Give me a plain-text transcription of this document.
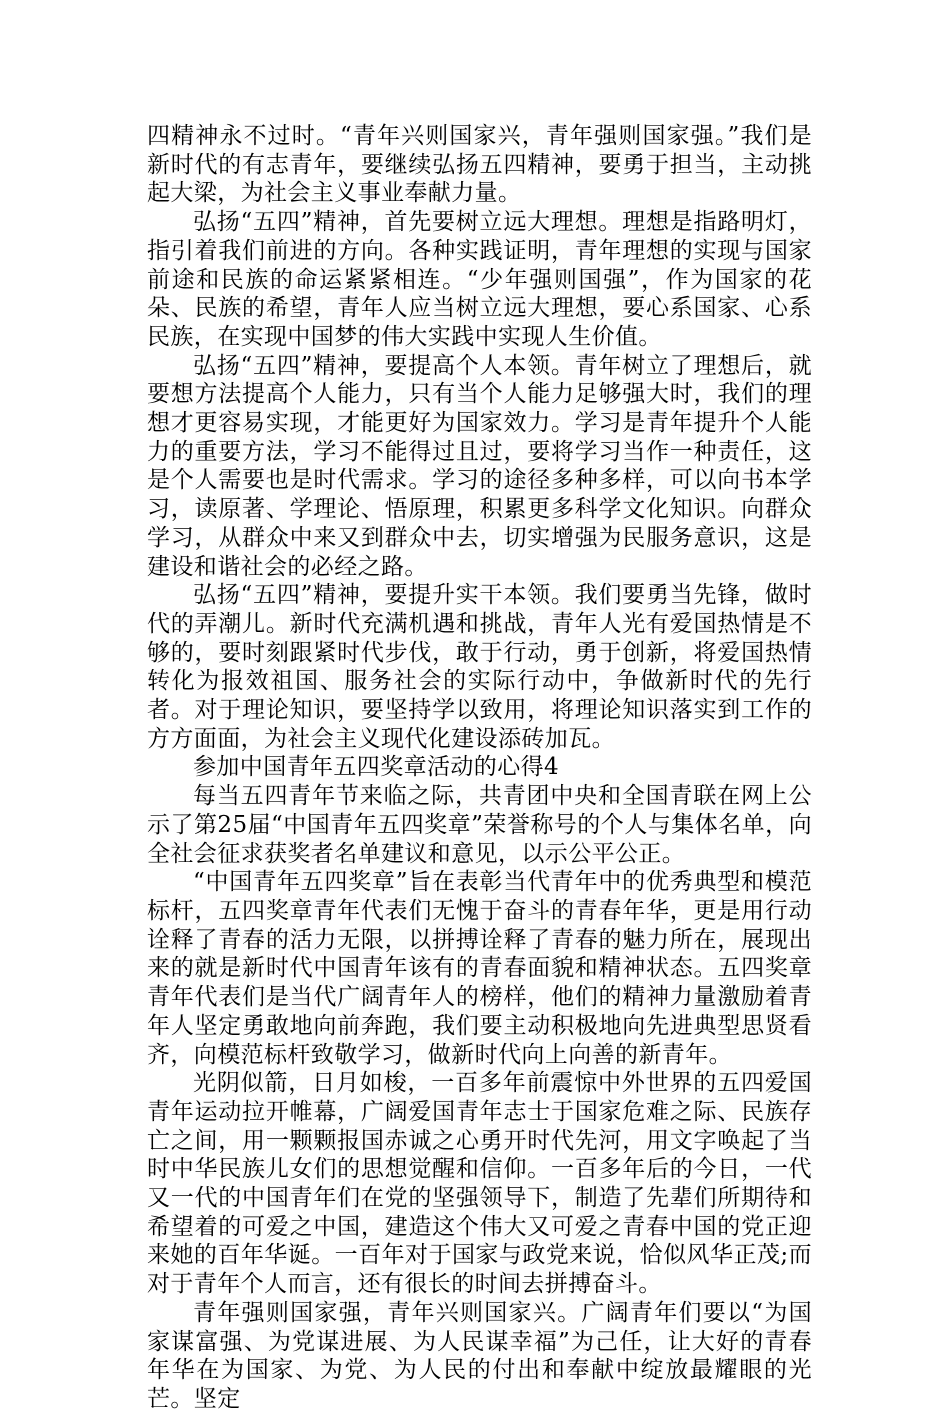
四精神永不过时。“青年兴则国家兴，青年强则国家强。”我们是新时代的有志青年，要继续弘扬五四精神，要勇于担当，主动挑起大梁，为社会主义事业奉献力量。

弘扬“五四”精神，首先要树立远大理想。理想是指路明灯，指引着我们前进的方向。各种实践证明，青年理想的实现与国家前途和民族的命运紧紧相连。“少年强则国强”，作为国家的花朵、民族的希望，青年人应当树立远大理想，要心系国家、心系民族，在实现中国梦的伟大实践中实现人生价值。

弘扬“五四”精神，要提高个人本领。青年树立了理想后，就要想方法提高个人能力，只有当个人能力足够强大时，我们的理想才更容易实现，才能更好为国家效力。学习是青年提升个人能力的重要方法，学习不能得过且过，要将学习当作一种责任，这是个人需要也是时代需求。学习的途径多种多样，可以向书本学习，读原著、学理论、悟原理，积累更多科学文化知识。向群众学习，从群众中来又到群众中去，切实增强为民服务意识，这是建设和谐社会的必经之路。

弘扬“五四”精神，要提升实干本领。我们要勇当先锋，做时代的弄潮儿。新时代充满机遇和挑战，青年人光有爱国热情是不够的，要时刻跟紧时代步伐，敢于行动，勇于创新，将爱国热情转化为报效祖国、服务社会的实际行动中，争做新时代的先行者。对于理论知识，要坚持学以致用，将理论知识落实到工作的方方面面，为社会主义现代化建设添砖加瓦。

参加中国青年五四奖章活动的心得4

每当五四青年节来临之际，共青团中央和全国青联在网上公示了第25届“中国青年五四奖章”荣誉称号的个人与集体名单，向全社会征求获奖者名单建议和意见，以示公平公正。

“中国青年五四奖章”旨在表彰当代青年中的优秀典型和模范标杆，五四奖章青年代表们无愧于奋斗的青春年华，更是用行动诠释了青春的活力无限，以拼搏诠释了青春的魅力所在，展现出来的就是新时代中国青年该有的青春面貌和精神状态。五四奖章青年代表们是当代广阔青年人的榜样，他们的精神力量激励着青年人坚定勇敢地向前奔跑，我们要主动积极地向先进典型思贤看齐，向模范标杆致敬学习，做新时代向上向善的新青年。

光阴似箭，日月如梭，一百多年前震惊中外世界的五四爱国青年运动拉开帷幕，广阔爱国青年志士于国家危难之际、民族存亡之间，用一颗颗报国赤诚之心勇开时代先河，用文字唤起了当时中华民族儿女们的思想觉醒和信仰。一百多年后的今日，一代又一代的中国青年们在党的坚强领导下，制造了先辈们所期待和希望着的可爱之中国，建造这个伟大又可爱之青春中国的党正迎来她的百年华诞。一百年对于国家与政党来说，恰似风华正茂;而对于青年个人而言，还有很长的时间去拼搏奋斗。

青年强则国家强，青年兴则国家兴。广阔青年们要以“为国家谋富强、为党谋进展、为人民谋幸福”为己任，让大好的青春年华在为国家、为党、为人民的付出和奉献中绽放最耀眼的光芒。坚定
